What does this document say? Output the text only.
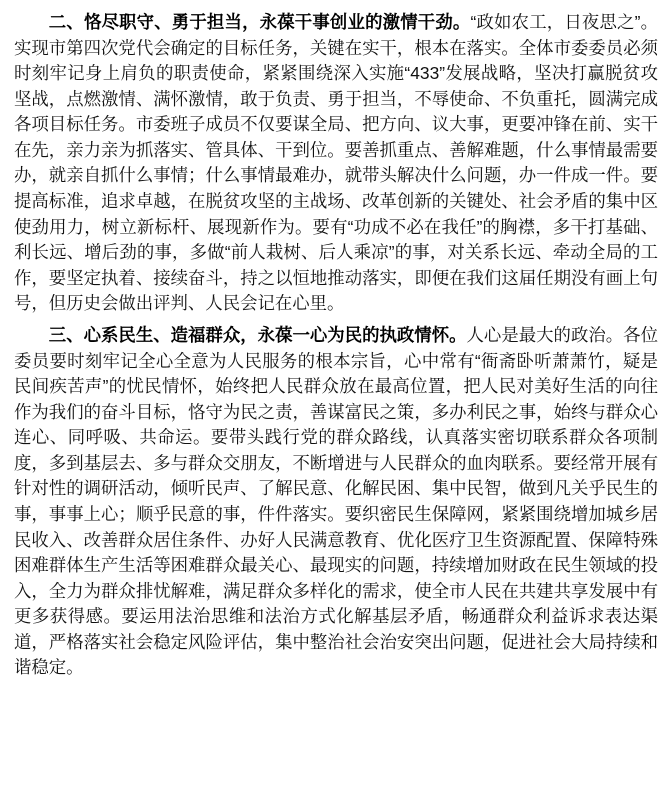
二、恪尽职守、勇于担当，永葆干事创业的激情干劲。“政如农工，日夜思之”。实现市第四次党代会确定的目标任务，关键在实干，根本在落实。全体市委委员必须时刻牢记身上肩负的职责使命，紧紧围绕深入实施“433”发展战略，坚决打赢脱贫攻坚战，点燃激情、满怀激情，敢于负责、勇于担当，不辱使命、不负重托，圆满完成各项目标任务。市委班子成员不仅要谋全局、把方向、议大事，更要冲锋在前、实干在先，亲力亲为抓落实、管具体、干到位。要善抓重点、善解难题，什么事情最需要办，就亲自抓什么事情；什么事情最难办，就带头解决什么问题，办一件成一件。要提高标准，追求卓越，在脱贫攻坚的主战场、改革创新的关键处、社会矛盾的集中区使劲用力，树立新标杆、展现新作为。要有“功成不必在我任”的胸襟，多干打基础、利长远、增后劲的事，多做“前人栽树、后人乘凉”的事，对关系长远、牵动全局的工作，要坚定执着、接续奋斗，持之以恒地推动落实，即便在我们这届任期没有画上句号，但历史会做出评判、人民会记在心里。

三、心系民生、造福群众，永葆一心为民的执政情怀。人心是最大的政治。各位委员要时刻牢记全心全意为人民服务的根本宗旨，心中常有“衙斋卧听萧萧竹，疑是民间疾苦声”的忧民情怀，始终把人民群众放在最高位置，把人民对美好生活的向往作为我们的奋斗目标，恪守为民之责，善谋富民之策，多办利民之事，始终与群众心连心、同呼吸、共命运。要带头践行党的群众路线，认真落实密切联系群众各项制度，多到基层去、多与群众交朋友，不断增进与人民群众的血肉联系。要经常开展有针对性的调研活动，倾听民声、了解民意、化解民困、集中民智，做到凡关乎民生的事，事事上心；顺乎民意的事，件件落实。要织密民生保障网，紧紧围绕增加城乡居民收入、改善群众居住条件、办好人民满意教育、优化医疗卫生资源配置、保障特殊困难群体生产生活等困难群众最关心、最现实的问题，持续增加财政在民生领域的投入，全力为群众排忧解难，满足群众多样化的需求，使全市人民在共建共享发展中有更多获得感。要运用法治思维和法治方式化解基层矛盾，畅通群众利益诉求表达渠道，严格落实社会稳定风险评估，集中整治社会治安突出问题，促进社会大局持续和谐稳定。
